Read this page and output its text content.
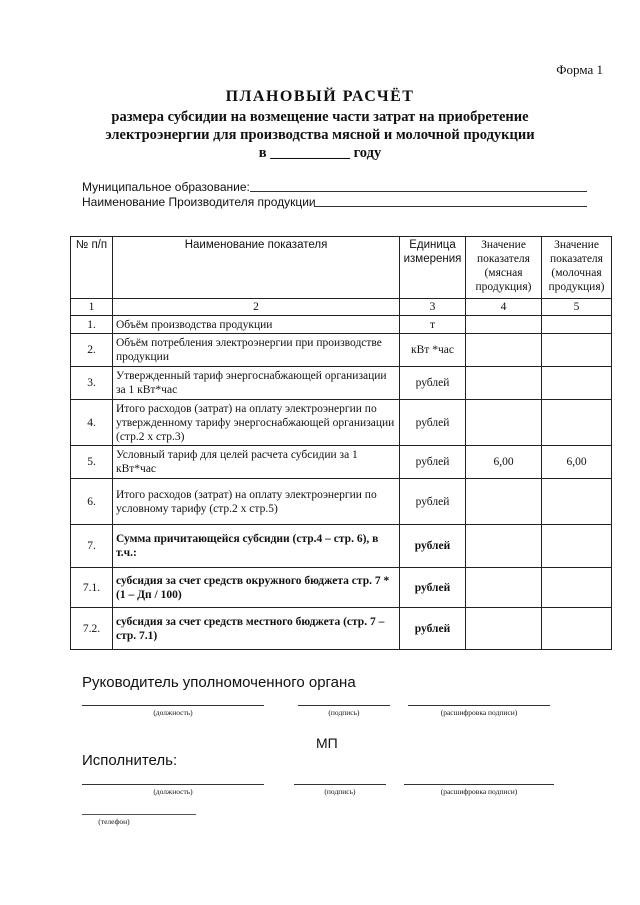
Форма 1
ПЛАНОВЫЙ РАСЧЁТ
размера субсидии на возмещение части затрат на приобретение
электроэнергии для производства мясной и молочной продукции
в ___________ году
Муниципальное образование:
Наименование Производителя продукции
№ п/п	Наименование показателя	Единица измерения	Значение показателя (мясная продукция)	Значение показателя (молочная продукция)
1	2	3	4	5
1.	Объём производства продукции	т		
2.	Объём потребления электроэнергии при производстве продукции	кВт *час		
3.	Утвержденный тариф энергоснабжающей организации за 1 кВт*час	рублей		
4.	Итого расходов (затрат) на оплату электроэнергии по утвержденному тарифу энергоснабжающей организации (стр.2 х стр.3)	рублей		
5.	Условный тариф для целей расчета субсидии за 1 кВт*час	рублей	6,00	6,00
6.	Итого расходов (затрат) на оплату электроэнергии по условному тарифу (стр.2 х стр.5)	рублей		
7.	Сумма причитающейся субсидии (стр.4 – стр. 6), в т.ч.:	рублей		
7.1.	субсидия за счет средств окружного бюджета стр. 7 * (1 – Дп / 100)	рублей		
7.2.	субсидия за счет средств местного бюджета (стр. 7 – стр. 7.1)	рублей		
Руководитель уполномоченного органа
(должность)	(подпись)	(расшифровка подписи)
МП
Исполнитель:
(должность)	(подпись)	(расшифровка подписи)
(телефон)
